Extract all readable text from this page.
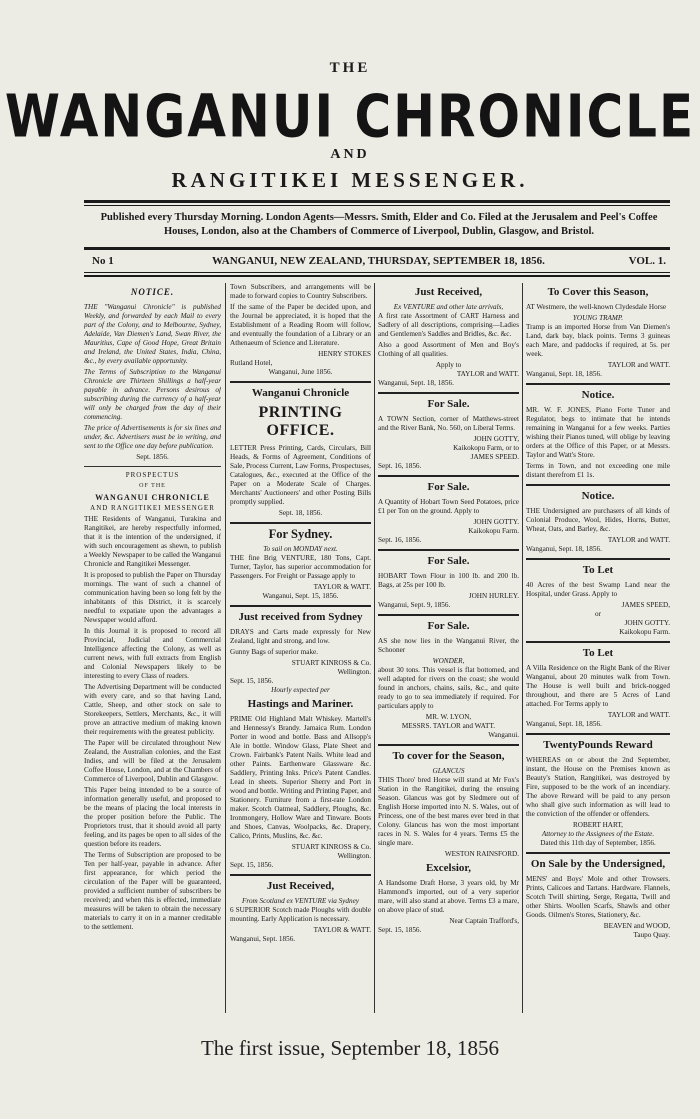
THE
WANGANUI CHRONICLE
AND
RANGITIKEI MESSENGER.
Published every Thursday Morning. London Agents—Messrs. Smith, Elder and Co. Filed at the Jerusalem and Peel's Coffee
Houses, London, also at the Chambers of Commerce of Liverpool, Dublin, Glasgow, and Bristol.
No 1	WANGANUI, NEW ZEALAND, THURSDAY, SEPTEMBER 18, 1856.	VOL. 1.
NOTICE.

THE "Wanganui Chronicle" is published Weekly, and forwarded by each Mail to every part of the Colony, and to Melbourne, Sydney, Adelaide, Van Diemen's Land, Swan River, the Mauritius, Cape of Good Hope, Great Britain and Ireland, the United States, India, China, &c., by every available opportunity.

The Terms of Subscription to the Wanganui Chronicle are Thirteen Shillings a half-year payable in advance. Persons desirous of subscribing during the currency of a half-year will only be charged from the day of their commencing.

The price of Advertisements is for six lines and under, &c. Advertisers must be in writing, and sent to the Office one day before publication.

Sept. 1856.
PROSPECTUS
OF THE
WANGANUI CHRONICLE
AND RANGITIKEI MESSENGER

THE Residents of Wanganui, Turakina and Rangitikei, are hereby respectfully informed, that it is the intention of the undersigned, if with such encouragement as shewn, to publish a Weekly Newspaper to be called the Wanganui Chronicle and Rangitikei Messenger.

It is proposed to publish the Paper on Thursday mornings. The want of such a channel of communication having been so long felt by the inhabitants of this District, it is scarcely needful to expatiate upon the advantages a Newspaper would afford.

In this Journal it is proposed to record all Provincial, Judicial and Commercial Intelligence affecting the Colony, as well as current news, with full extracts from English and Colonial Newspapers likely to be interesting to every Class of readers.

The Advertising Department will be conducted with every care, and so that having Land, Cattle, Sheep, and other stock on sale to Storekeepers, Settlers, Merchants, &c., it will prove an attractive medium of making known their requirements with the greatest publicity.

The Paper will be circulated throughout New Zealand, the Australian colonies, and the East Indies, and will be filed at the Jerusalem Coffee House, London, and at the Chambers of Commerce of Liverpool, Dublin and Glasgow.

This Paper being intended to be a source of information generally useful, and proposed to be the means of placing the local interests in the proper position before the Public. The Proprietors trust, that it should avoid all party feeling, and its pages be open to all sides of the question before its readers.

The Terms of Subscription are proposed to be Ten per half-year, payable in advance. After first appearance, for which period the circulation of the Paper will be guaranteed, provided a sufficient number of subscribers be received; and when this is effected, immediate measures will be taken to obtain the necessary materials to carry it on in a manner creditable to the settlement.

Town Subscribers, and arrangements will be made to forward copies to Country Subscribers.

If the same of the Paper be decided upon, and the Journal be appreciated, it is hoped that the Establishment of a Reading Room will follow, and eventually the foundation of a Library or an Athenaeum of Science and Literature.

HENRY STOKES
Rutland Hotel,
Wanganui, June 1856.
Wanganui Chronicle
PRINTING OFFICE.

LETTER Press Printing, Cards, Circulars, Bill Heads, & Forms of Agreement, Conditions of Sale, Process Current, Law Forms, Prospectuses, Catalogues, &c., executed at the Office of the Paper on a Moderate Scale of Charges. Merchants' Auctioneers' and other Posting Bills promptly supplied.

Sept. 18, 1856.
For Sydney.
To sail on MONDAY next.

THE fine Brig VENTURE, 180 Tons, Capt. Turner, Taylor, has superior accommodation for Passengers. For Freight or Passage apply to

TAYLOR & WATT.
Wanganui, Sept. 15, 1856.
Just received from Sydney

DRAYS and Carts made expressly for New Zealand, light and strong, and low.

Gunny Bags of superior make.

STUART KINROSS & Co.
Wellington.
Sept. 15, 1856.
Hourly expected per
Hastings and Mariner.

PRIME Old Highland Malt Whiskey. Martell's and Hennessy's Brandy. Jamaica Rum. London Porter in wood and bottle. Bass and Allsopp's Ale in bottle. Window Glass, Plate Sheet and Crown. Fairbank's Patent Nails. White lead and other Paints. Earthenware Glassware &c. Saddlery, Printing Inks. Price's Patent Candles. Lead in sheets. Superior Sherry and Port in wood and bottle. Writing and Printing Paper, and Stationery. Furniture from a first-rate London maker. Scotch Oatmeal, Saddlery, Ploughs, &c. Ironmongery, Hollow Ware and Tinware. Boots and Shoes, Canvas, Woolpacks, &c. Drapery, Calico, Prints, Muslins, &c. &c.

STUART KINROSS & Co.
Wellington.
Sept. 15, 1856.
Just Received,
From Scotland ex VENTURE via Sydney

6 SUPERIOR Scotch made Ploughs with double mounting. Early Application is necessary.

TAYLOR & WATT.
Wanganui, Sept. 1856.
Just Received,
Ex VENTURE and other late arrivals,

A first rate Assortment of CART Harness and Sadlery of all descriptions, comprising—Ladies and Gentlemen's Saddles and Bridles, &c. &c.

Also a good Assortment of Men and Boy's Clothing of all qualities.

Apply to
TAYLOR and WATT.
Wanganui, Sept. 18, 1856.
For Sale.

A TOWN Section, corner of Matthews-street and the River Bank, No. 560, on Liberal Terms.

JOHN GOTTY,
Kaikokopu Farm, or to
JAMES SPEED.
Sept. 16, 1856.
For Sale.

A Quantity of Hobart Town Seed Potatoes, price £1 per Ton on the ground. Apply to

JOHN GOTTY.
Kaikokopu Farm.
Sept. 16, 1856.
For Sale.

HOBART Town Flour in 100 lb. and 200 lb. Bags, at 25s per 100 lb.

JOHN HURLEY.
Wanganui, Sept. 9, 1856.
For Sale.

AS she now lies in the Wanganui River, the Schooner

WONDER,

about 30 tons. This vessel is flat bottomed, and well adapted for rivers on the coast; she would found in anchors, chains, sails, &c., and quite ready to go to sea immediately if required. For particulars apply to

MR. W. LYON,
MESSRS. TAYLOR and WATT.
Wanganui.
To cover for the Season,
GLANCUS

THIS Thoro' bred Horse will stand at Mr Fox's Station in the Rangitikei, during the ensuing Season. Glancus was got by Sledmere out of English Horse imported into N. S. Wales, out of Princess, one of the best mares ever bred in that Colony. Glancus has won the most important races in N. S. Wales for 4 years. Terms £5 the single mare.

WESTON RAINSFORD.
Excelsior,

A Handsome Draft Horse, 3 years old, by Mr Hammond's imported, out of a very superior mare, will also stand at above. Terms £3 a mare, on above place of stud.

Near Captain Trafford's,
Sept. 15, 1856.
To Cover this Season,

AT Westmere, the well-known Clydesdale Horse

YOUNG TRAMP.

Tramp is an imported Horse from Van Diemen's Land, dark bay, black points. Terms 3 guineas each Mare, and paddocks if required, at 5s. per week.

TAYLOR and WATT.
Wanganui, Sept. 18, 1856.
Notice.

MR. W. F. JONES, Piano Forte Tuner and Regulator, begs to intimate that he intends remaining in Wanganui for a few weeks. Parties wishing their Pianos tuned, will oblige by leaving orders at the Office of this Paper, or at Messrs. Taylor and Watt's Store.

Terms in Town, and not exceeding one mile distant therefrom £1 1s.

Notice.

THE Undersigned are purchasers of all kinds of Colonial Produce, Wool, Hides, Horns, Butter, Wheat, Oats, and Barley, &c.

TAYLOR and WATT.
Wanganui, Sept. 18, 1856.
To Let

40 Acres of the best Swamp Land near the Hospital, under Grass. Apply to

JAMES SPEED,
or
JOHN GOTTY.
Kaikokopu Farm.
To Let

A Villa Residence on the Right Bank of the River Wanganui, about 20 minutes walk from Town. The House is well built and brick-nogged throughout, and there are 5 Acres of Land attached. For Terms apply to

TAYLOR and WATT.
Wanganui, Sept. 18, 1856.
TwentyPounds Reward

WHEREAS on or about the 2nd September, instant, the House on the Premises known as Beauty's Station, Rangitikei, was destroyed by Fire, supposed to be the work of an incendiary. The above Reward will be paid to any person who shall give such information as will lead to the conviction of the offender or offenders.

ROBERT HART,
Attorney to the Assignees of the Estate.
Dated this 11th day of September, 1856.
On Sale by the Undersigned,

MENS' and Boys' Mole and other Trowsers. Prints, Calicoes and Tartans. Hardware. Flannels, Scotch Twill shirting, Serge, Regatta, Twill and other Shirts. Woollen Scarfs, Shawls and other Goods. Oilmen's Stores, Stationery, &c.

BEAVEN and WOOD,
Taupo Quay.
The first issue, September 18, 1856
